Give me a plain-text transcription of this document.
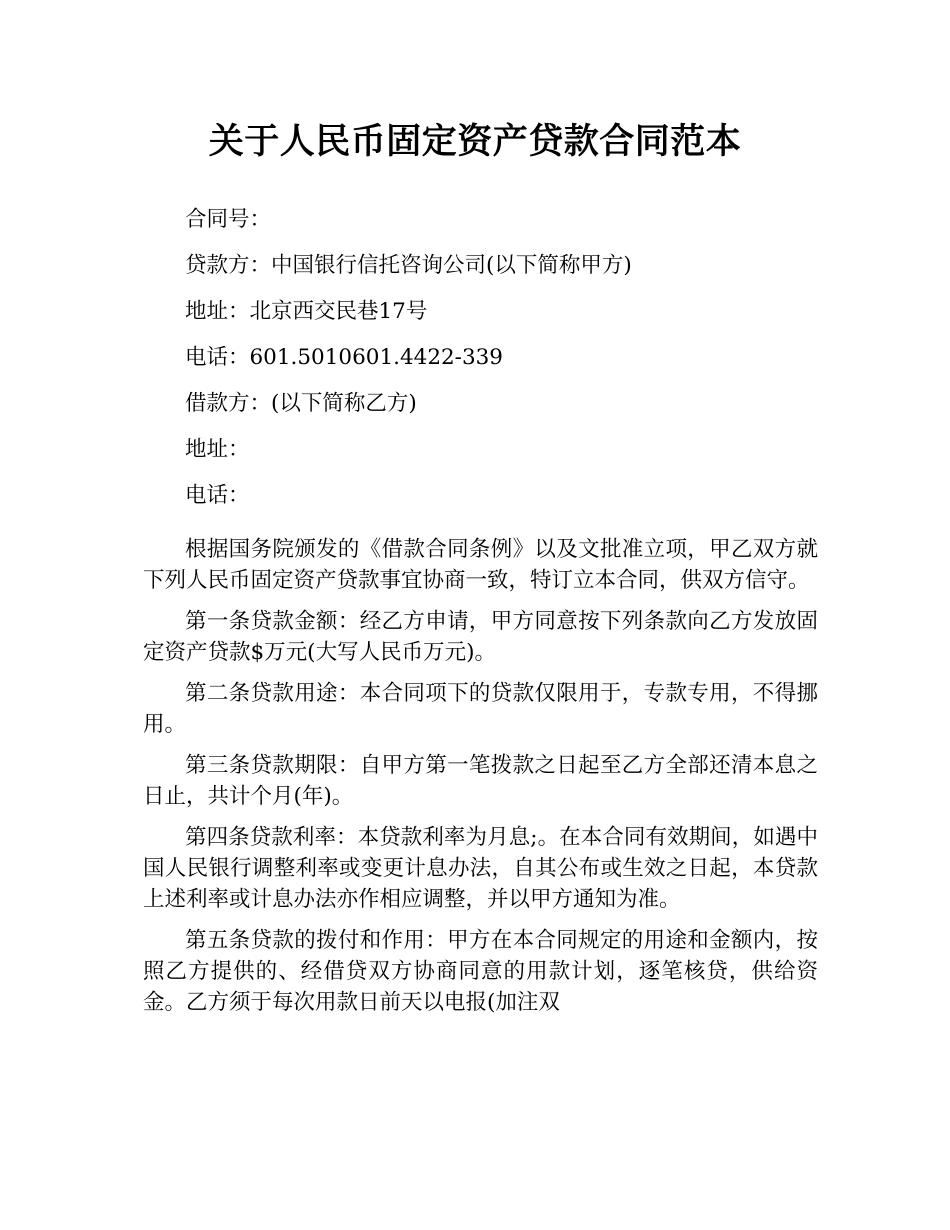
关于人民币固定资产贷款合同范本

合同号：

贷款方：中国银行信托咨询公司(以下简称甲方)

地址：北京西交民巷17号

电话：601.5010601.4422-339

借款方：(以下简称乙方)

地址：

电话：

根据国务院颁发的《借款合同条例》以及文批准立项，甲乙双方就下列人民币固定资产贷款事宜协商一致，特订立本合同，供双方信守。

第一条贷款金额：经乙方申请，甲方同意按下列条款向乙方发放固定资产贷款$万元(大写人民币万元)。

第二条贷款用途：本合同项下的贷款仅限用于，专款专用，不得挪用。

第三条贷款期限：自甲方第一笔拨款之日起至乙方全部还清本息之日止，共计个月(年)。

第四条贷款利率：本贷款利率为月息;。在本合同有效期间，如遇中国人民银行调整利率或变更计息办法，自其公布或生效之日起，本贷款上述利率或计息办法亦作相应调整，并以甲方通知为准。

第五条贷款的拨付和作用：甲方在本合同规定的用途和金额内，按照乙方提供的、经借贷双方协商同意的用款计划，逐笔核贷，供给资金。乙方须于每次用款日前天以电报(加注双
